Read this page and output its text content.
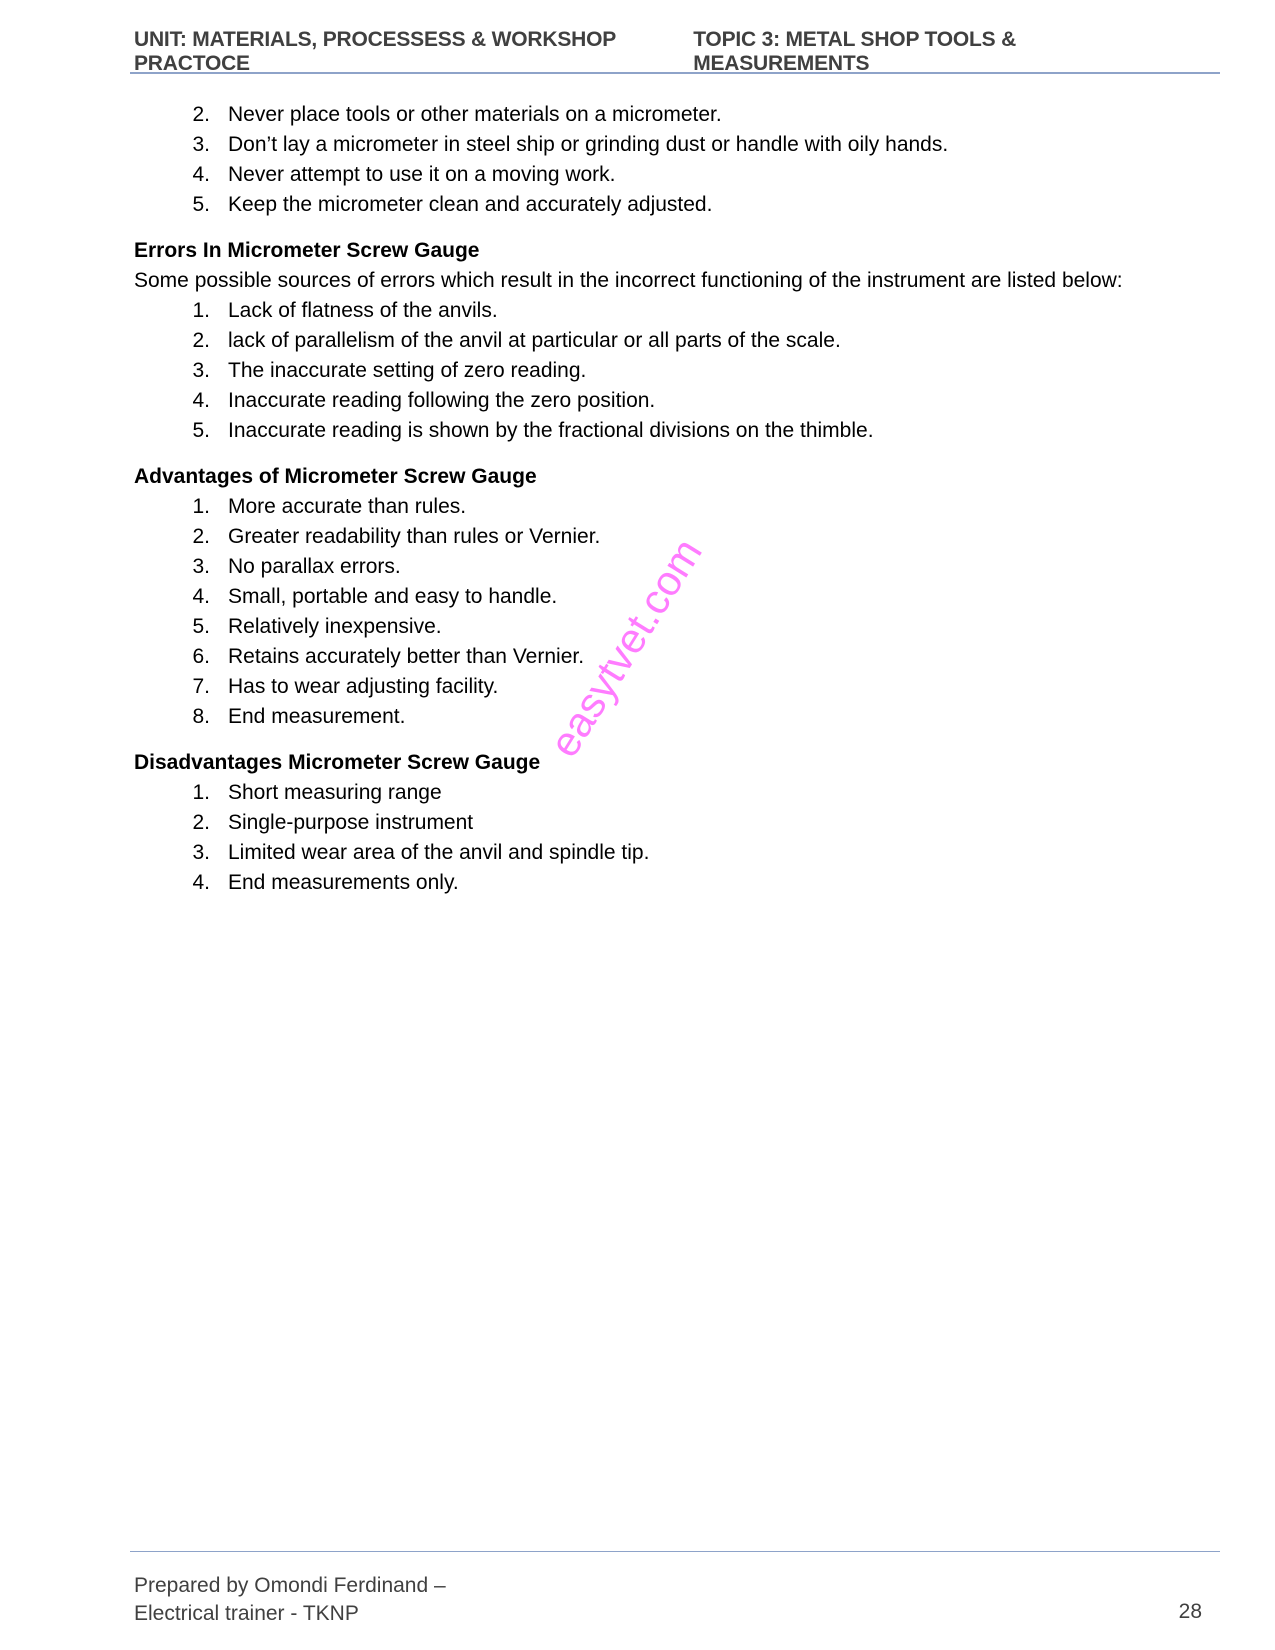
UNIT: MATERIALS, PROCESSESS & WORKSHOP PRACTOCE
TOPIC 3: METAL SHOP TOOLS & MEASUREMENTS
2. Never place tools or other materials on a micrometer.
3. Don’t lay a micrometer in steel ship or grinding dust or handle with oily hands.
4. Never attempt to use it on a moving work.
5. Keep the micrometer clean and accurately adjusted.
Errors In Micrometer Screw Gauge
Some possible sources of errors which result in the incorrect functioning of the instrument are listed below:
1. Lack of flatness of the anvils.
2. lack of parallelism of the anvil at particular or all parts of the scale.
3. The inaccurate setting of zero reading.
4. Inaccurate reading following the zero position.
5. Inaccurate reading is shown by the fractional divisions on the thimble.
Advantages of Micrometer Screw Gauge
1. More accurate than rules.
2. Greater readability than rules or Vernier.
3. No parallax errors.
4. Small, portable and easy to handle.
5. Relatively inexpensive.
6. Retains accurately better than Vernier.
7. Has to wear adjusting facility.
8. End measurement.
Disadvantages Micrometer Screw Gauge
1. Short measuring range
2. Single-purpose instrument
3. Limited wear area of the anvil and spindle tip.
4. End measurements only.
easytvet.com
Prepared by Omondi Ferdinand –
Electrical trainer - TKNP	28
